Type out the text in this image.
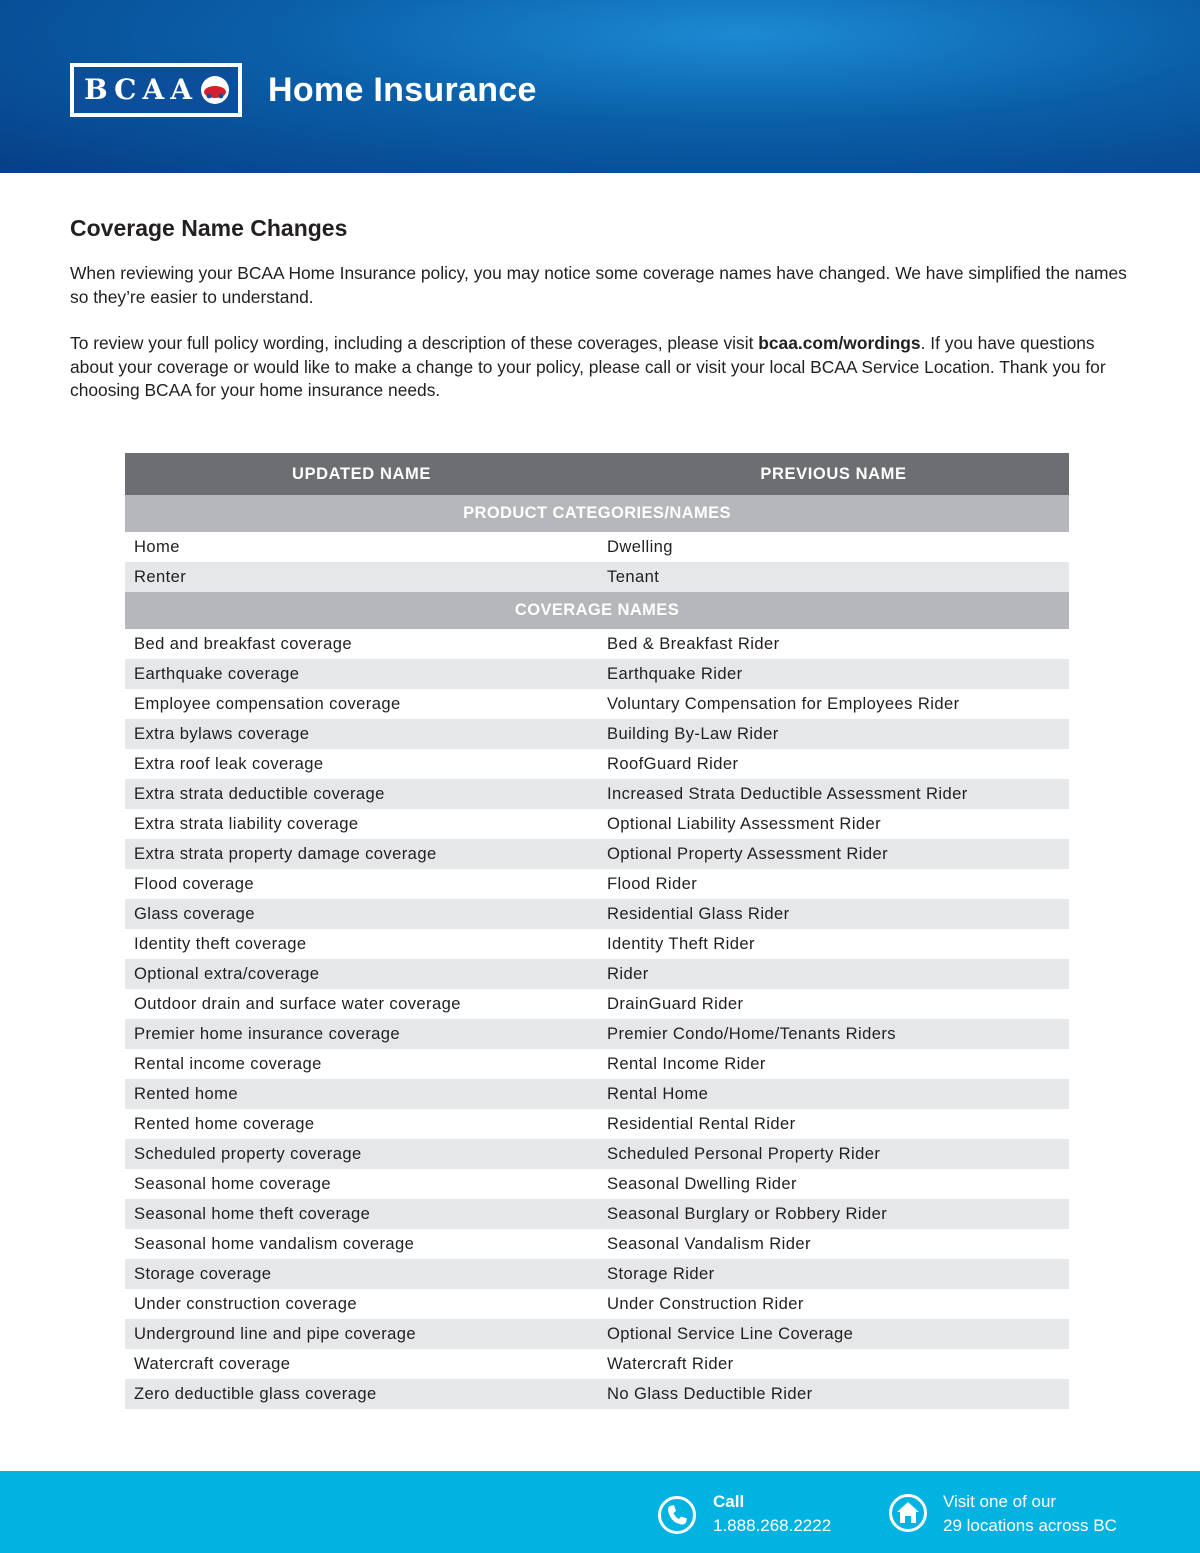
BCAA Home Insurance
Coverage Name Changes

When reviewing your BCAA Home Insurance policy, you may notice some coverage names have changed. We have simplified the names so they’re easier to understand.

To review your full policy wording, including a description of these coverages, please visit bcaa.com/wordings. If you have questions about your coverage or would like to make a change to your policy, please call or visit your local BCAA Service Location. Thank you for choosing BCAA for your home insurance needs.

UPDATED NAME	PREVIOUS NAME
PRODUCT CATEGORIES/NAMES	
Home	Dwelling
Renter	Tenant
COVERAGE NAMES	
Bed and breakfast coverage	Bed & Breakfast Rider
Earthquake coverage	Earthquake Rider
Employee compensation coverage	Voluntary Compensation for Employees Rider
Extra bylaws coverage	Building By-Law Rider
Extra roof leak coverage	RoofGuard Rider
Extra strata deductible coverage	Increased Strata Deductible Assessment Rider
Extra strata liability coverage	Optional Liability Assessment Rider
Extra strata property damage coverage	Optional Property Assessment Rider
Flood coverage	Flood Rider
Glass coverage	Residential Glass Rider
Identity theft coverage	Identity Theft Rider
Optional extra/coverage	Rider
Outdoor drain and surface water coverage	DrainGuard Rider
Premier home insurance coverage	Premier Condo/Home/Tenants Riders
Rental income coverage	Rental Income Rider
Rented home	Rental Home
Rented home coverage	Residential Rental Rider
Scheduled property coverage	Scheduled Personal Property Rider
Seasonal home coverage	Seasonal Dwelling Rider
Seasonal home theft coverage	Seasonal Burglary or Robbery Rider
Seasonal home vandalism coverage	Seasonal Vandalism Rider
Storage coverage	Storage Rider
Under construction coverage	Under Construction Rider
Underground line and pipe coverage	Optional Service Line Coverage
Watercraft coverage	Watercraft Rider
Zero deductible glass coverage	No Glass Deductible Rider
Call
1.888.268.2222
Visit one of our
29 locations across BC
